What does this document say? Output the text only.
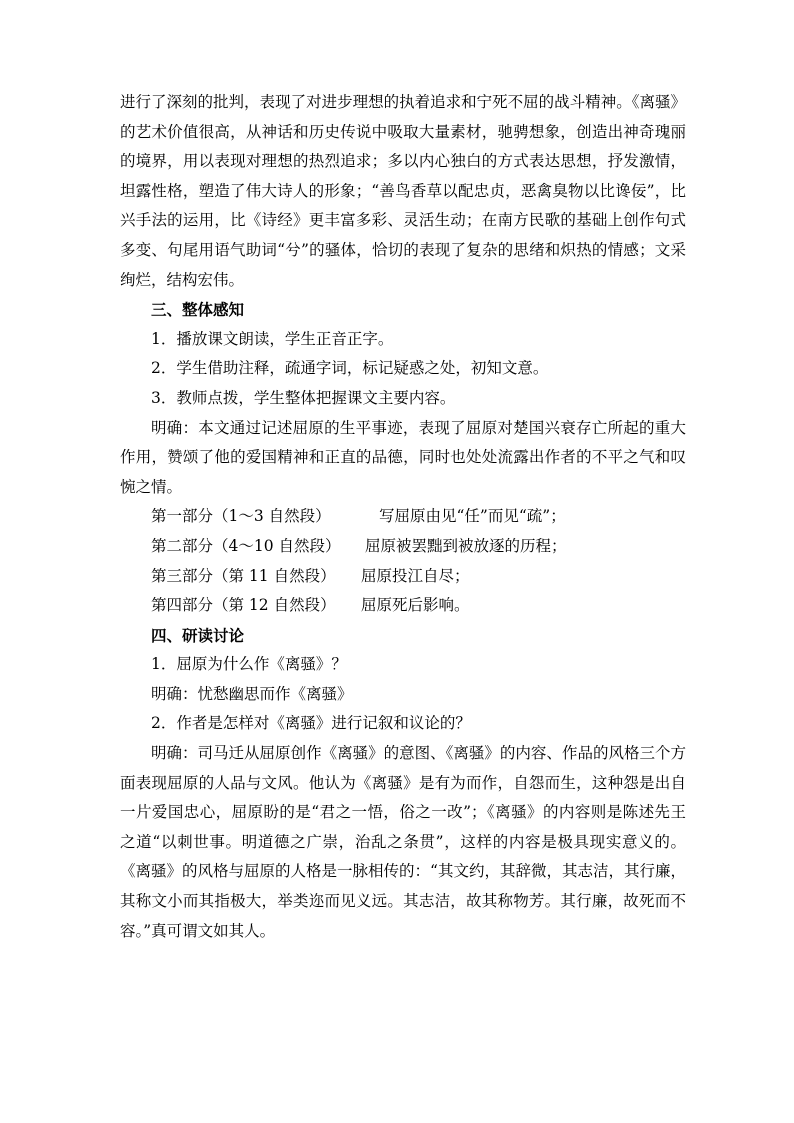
进行了深刻的批判，表现了对进步理想的执着追求和宁死不屈的战斗精神。《离骚》的艺术价值很高，从神话和历史传说中吸取大量素材，驰骋想象，创造出神奇瑰丽的境界，用以表现对理想的热烈追求；多以内心独白的方式表达思想，抒发激情，坦露性格，塑造了伟大诗人的形象；“善鸟香草以配忠贞，恶禽臭物以比谗佞”，比兴手法的运用，比《诗经》更丰富多彩、灵活生动；在南方民歌的基础上创作句式多变、句尾用语气助词“兮”的骚体，恰切的表现了复杂的思绪和炽热的情感；文采绚烂，结构宏伟。

三、整体感知

1．播放课文朗读，学生正音正字。

2．学生借助注释，疏通字词，标记疑惑之处，初知文意。

3．教师点拨，学生整体把握课文主要内容。

明确：本文通过记述屈原的生平事迹，表现了屈原对楚国兴衰存亡所起的重大作用，赞颂了他的爱国精神和正直的品德，同时也处处流露出作者的不平之气和叹惋之情。

第一部分（1～3 自然段）	写屈原由见“任”而见“疏”；
第二部分（4～10 自然段）	屈原被罢黜到被放逐的历程；
第三部分（第 11 自然段）	屈原投江自尽；
第四部分（第 12 自然段）	屈原死后影响。

四、研读讨论

1．屈原为什么作《离骚》？

明确：忧愁幽思而作《离骚》

2．作者是怎样对《离骚》进行记叙和议论的？

明确：司马迁从屈原创作《离骚》的意图、《离骚》的内容、作品的风格三个方面表现屈原的人品与文风。他认为《离骚》是有为而作，自怨而生，这种怨是出自一片爱国忠心，屈原盼的是“君之一悟，俗之一改”；《离骚》的内容则是陈述先王之道“以刺世事。明道德之广崇，治乱之条贯”，这样的内容是极具现实意义的。《离骚》的风格与屈原的人格是一脉相传的：“其文约，其辞微，其志洁，其行廉，其称文小而其指极大，举类迩而见义远。其志洁，故其称物芳。其行廉，故死而不容。”真可谓文如其人。
